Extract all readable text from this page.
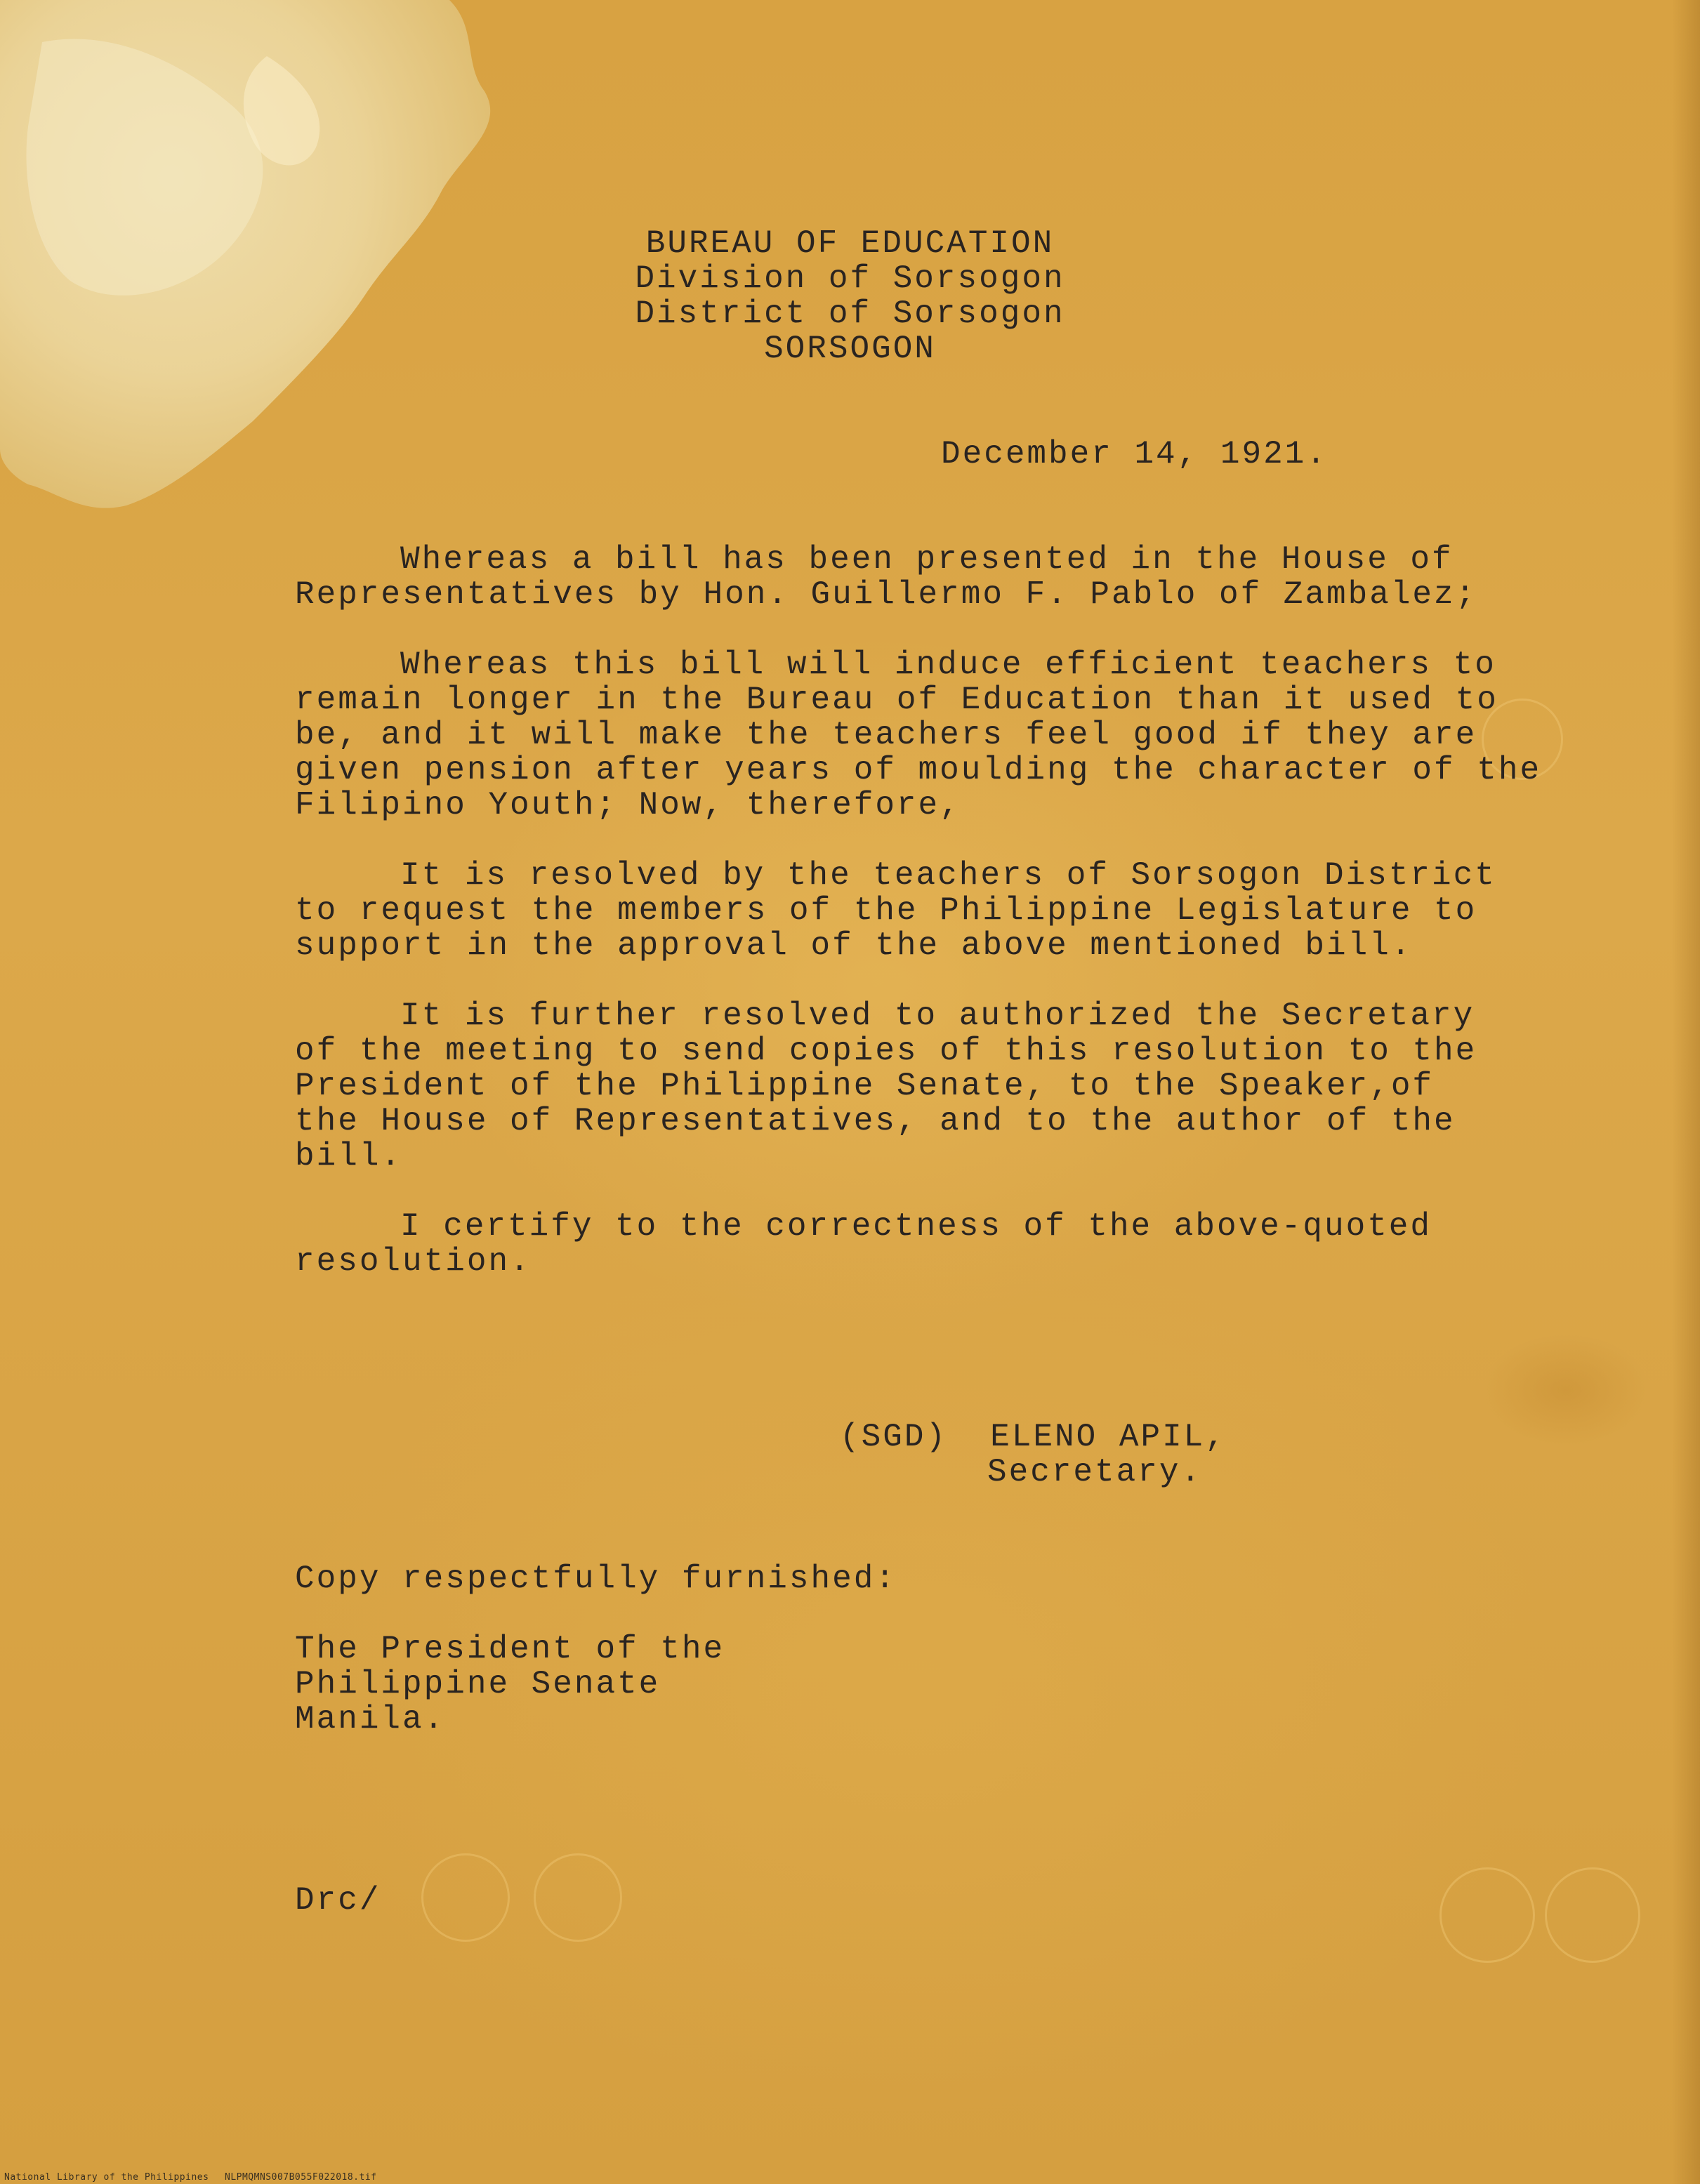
BUREAU OF EDUCATION
Division of Sorsogon
District of Sorsogon
SORSOGON
December 14, 1921.
Whereas a bill has been presented in the House of
Representatives by Hon. Guillermo F. Pablo of Zambalez;
Whereas this bill will induce efficient teachers to
remain longer in the Bureau of Education than it used to
be, and it will make the teachers feel good if they are
given pension after years of moulding the character of the
Filipino Youth; Now, therefore,
It is resolved by the teachers of Sorsogon District
to request the members of the Philippine Legislature to
support in the approval of the above mentioned bill.
It is further resolved to authorized the Secretary
of the meeting to send copies of this resolution to the
President of the Philippine Senate, to the Speaker,of
the House of Representatives, and to the author of the
bill.
I certify to the correctness of the above-quoted
resolution.
(SGD)  ELENO APIL,
Secretary.
Copy respectfully furnished:
The President of the
Philippine Senate
Manila.
Drc/
National Library of the Philippines NLPMQMNS007B055F022018.tif
